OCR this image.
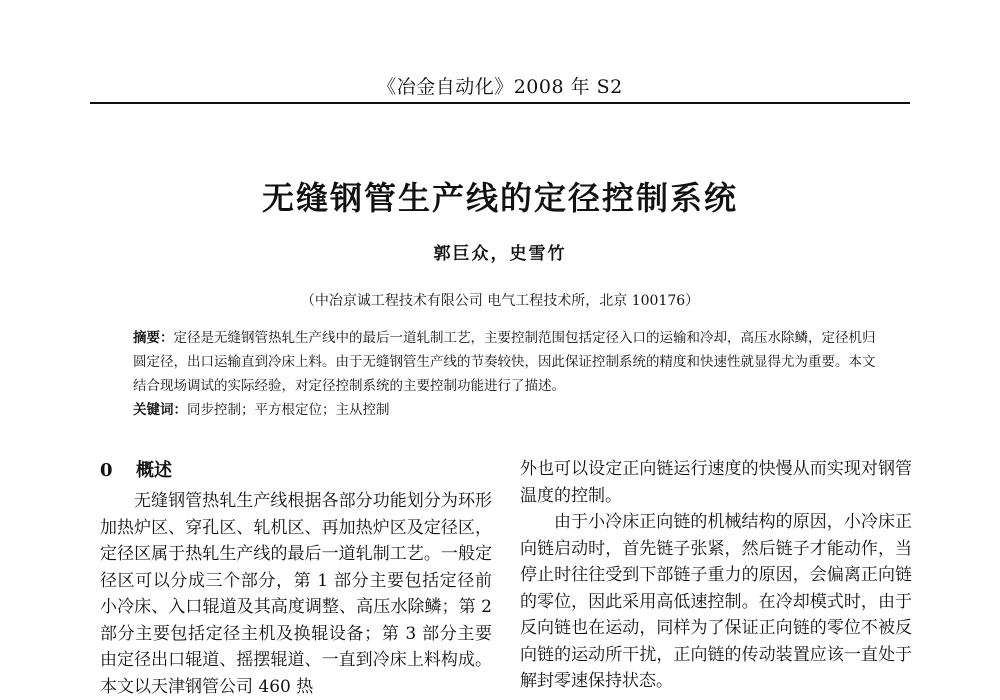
《冶金自动化》2008 年 S2
无缝钢管生产线的定径控制系统
郭巨众，史雪竹
（中冶京诚工程技术有限公司 电气工程技术所，北京 100176）
摘要：定径是无缝钢管热轧生产线中的最后一道轧制工艺，主要控制范围包括定径入口的运输和冷却，高压水除鳞，定径机归圆定径，出口运输直到冷床上料。由于无缝钢管生产线的节奏较快，因此保证控制系统的精度和快速性就显得尤为重要。本文结合现场调试的实际经验，对定径控制系统的主要控制功能进行了描述。
关键词：同步控制；平方根定位；主从控制
0 概述

无缝钢管热轧生产线根据各部分功能划分为环形加热炉区、穿孔区、轧机区、再加热炉区及定径区，定径区属于热轧生产线的最后一道轧制工艺。一般定径区可以分成三个部分，第 1 部分主要包括定径前小冷床、入口辊道及其高度调整、高压水除鳞；第 2 部分主要包括定径主机及换辊设备；第 3 部分主要由定径出口辊道、摇摆辊道、一直到冷床上料构成。本文以天津钢管公司 460 热

外也可以设定正向链运行速度的快慢从而实现对钢管温度的控制。

由于小冷床正向链的机械结构的原因，小冷床正向链启动时，首先链子张紧，然后链子才能动作，当停止时往往受到下部链子重力的原因，会偏离正向链的零位，因此采用高低速控制。在冷却模式时，由于反向链也在运动，同样为了保证正向链的零位不被反向链的运动所干扰，正向链的传动装置应该一直处于解封零速保持状态。
